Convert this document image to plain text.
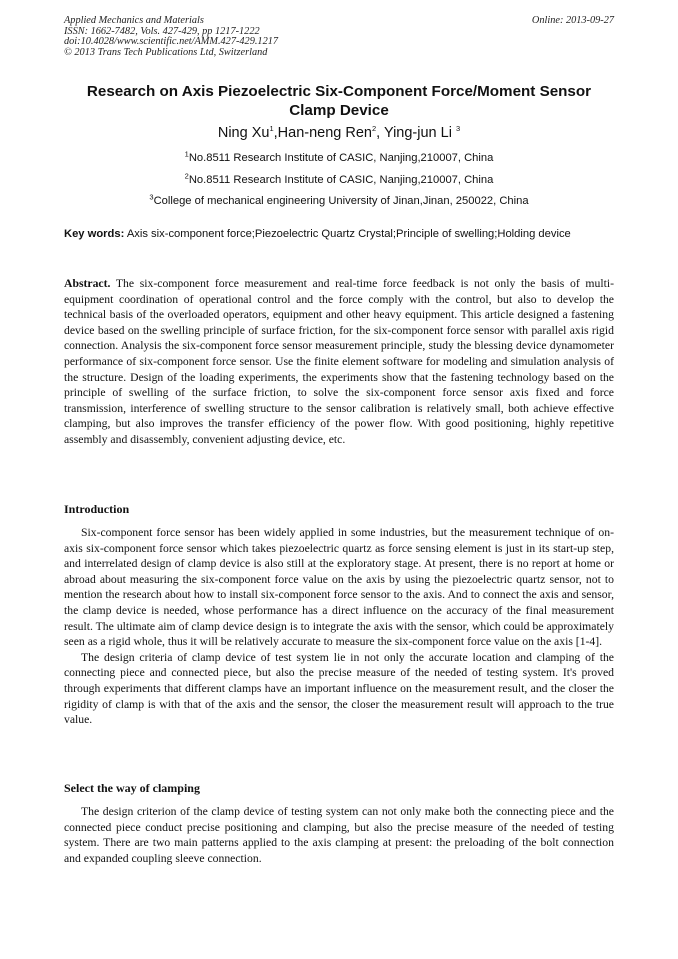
Applied Mechanics and Materials
ISSN: 1662-7482, Vols. 427-429, pp 1217-1222
doi:10.4028/www.scientific.net/AMM.427-429.1217
© 2013 Trans Tech Publications Ltd, Switzerland
Online: 2013-09-27
Research on Axis Piezoelectric Six-Component Force/Moment Sensor Clamp Device
Ning Xu$^1$,Han-neng Ren$^2$, Ying-jun Li $^3$
$^1$No.8511 Research Institute of CASIC, Nanjing,210007, China
$^2$No.8511 Research Institute of CASIC, Nanjing,210007, China
$^3$College of mechanical engineering University of Jinan,Jinan, 250022, China
Key words: Axis six-component force;Piezoelectric Quartz Crystal;Principle of swelling;Holding device
Abstract. The six-component force measurement and real-time force feedback is not only the basis of multi-equipment coordination of operational control and the force comply with the control, but also to develop the technical basis of the overloaded operators, equipment and other heavy equipment. This article designed a fastening device based on the swelling principle of surface friction, for the six-component force sensor with parallel axis rigid connection. Analysis the six-component force sensor measurement principle, study the blessing device dynamometer performance of six-component force sensor. Use the finite element software for modeling and simulation analysis of the structure. Design of the loading experiments, the experiments show that the fastening technology based on the principle of swelling of the surface friction, to solve the six-component force sensor axis fixed and force transmission, interference of swelling structure to the sensor calibration is relatively small, both achieve effective clamping, but also improves the transfer efficiency of the power flow. With good positioning, highly repetitive assembly and disassembly, convenient adjusting device, etc.
Introduction

Six-component force sensor has been widely applied in some industries, but the measurement technique of on-axis six-component force sensor which takes piezoelectric quartz as force sensing element is just in its start-up step, and interrelated design of clamp device is also still at the exploratory stage. At present, there is no report at home or abroad about measuring the six-component force value on the axis by using the piezoelectric quartz sensor, not to mention the research about how to install six-component force sensor to the axis. And to connect the axis and sensor, the clamp device is needed, whose performance has a direct influence on the accuracy of the final measurement result. The ultimate aim of clamp device design is to integrate the axis with the sensor, which could be approximately seen as a rigid whole, thus it will be relatively accurate to measure the six-component force value on the axis [1-4].

The design criteria of clamp device of test system lie in not only the accurate location and clamping of the connecting piece and connected piece, but also the precise measure of the needed of testing system. It's proved through experiments that different clamps have an important influence on the measurement result, and the closer the rigidity of clamp is with that of the axis and the sensor, the closer the measurement result will approach to the true value.

Select the way of clamping

The design criterion of the clamp device of testing system can not only make both the connecting piece and the connected piece conduct precise positioning and clamping, but also the precise measure of the needed of testing system. There are two main patterns applied to the axis clamping at present: the preloading of the bolt connection and expanded coupling sleeve connection.
